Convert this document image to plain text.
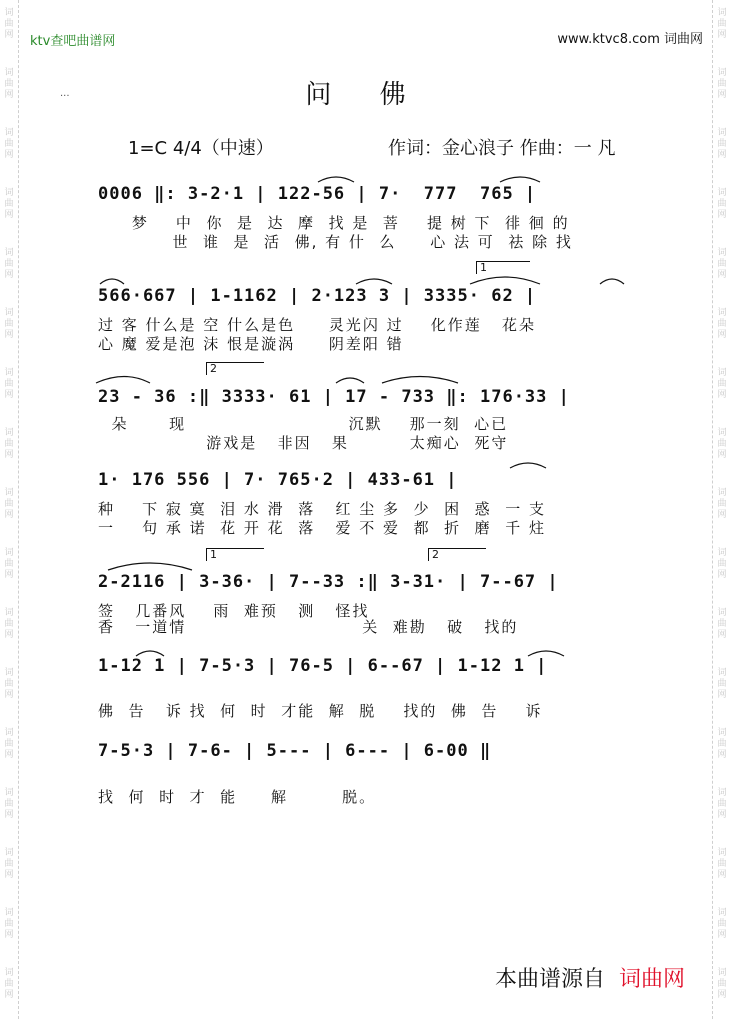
词
曲
网
词
曲
网
词
曲
网
词
曲
网
词
曲
网
词
曲
网
词
曲
网
词
曲
网
词
曲
网
词
曲
网
词
曲
网
词
曲
网
词
曲
网
词
曲
网
词
曲
网
词
曲
网
词
曲
网
词
曲
网
词
曲
网
词
曲
网
词
曲
网
词
曲
网
词
曲
网
词
曲
网
词
曲
网
词
曲
网
词
曲
网
词
曲
网
词
曲
网
词
曲
网
词
曲
网
词
曲
网
词
曲
网
词
曲
网
ktv查吧曲谱网	www.ktvc8.com 词曲网
...	问 佛
1=C 4/4（中速）	作词：金心浪子 作曲：一 凡
0006 ‖: 3-2·1 | 122-56 | 7·  777  765 |
梦    中  你  是  达  摩  找 是  菩    提 树 下  徘 徊 的
世  谁  是  活  佛, 有 什  么     心 法 可  祛 除 找
1
566·667 | 1-1162 | 2·123 3 | 3335· 62 |
过 客 什么是 空 什么是色     灵光闪 过    化作莲   花朵
心 魔 爱是泡 沫 恨是漩涡     阴差阳 错
2
23 - 36 :‖ 3333· 61 | 17 - 733 ‖: 176·33 |
朵      现                        沉默    那一刻  心已
游戏是   非因   果         太痴心  死守
1· 176 556 | 7· 765·2 | 433-61 |
种    下 寂 寞  泪 水 滑  落   红 尘 多  少  困  惑  一 支
一    句 承 诺  花 开 花  落   爱 不 爱  都  折  磨  千 炷
1	2
2-2116 | 3-36· | 7--33 :‖ 3-31· | 7--67 |
签   几番风    雨  难预   测   怪找
香   一道情                          关  难勘   破   找的
1-12 1 | 7-5·3 | 76-5 | 6--67 | 1-12 1 |
佛  告   诉 找  何  时  才能  解  脱    找的  佛  告    诉
7-5·3 | 7-6- | 5--- | 6--- | 6-00 ‖
找  何  时  才  能     解        脱。
本曲谱源自 词曲网
